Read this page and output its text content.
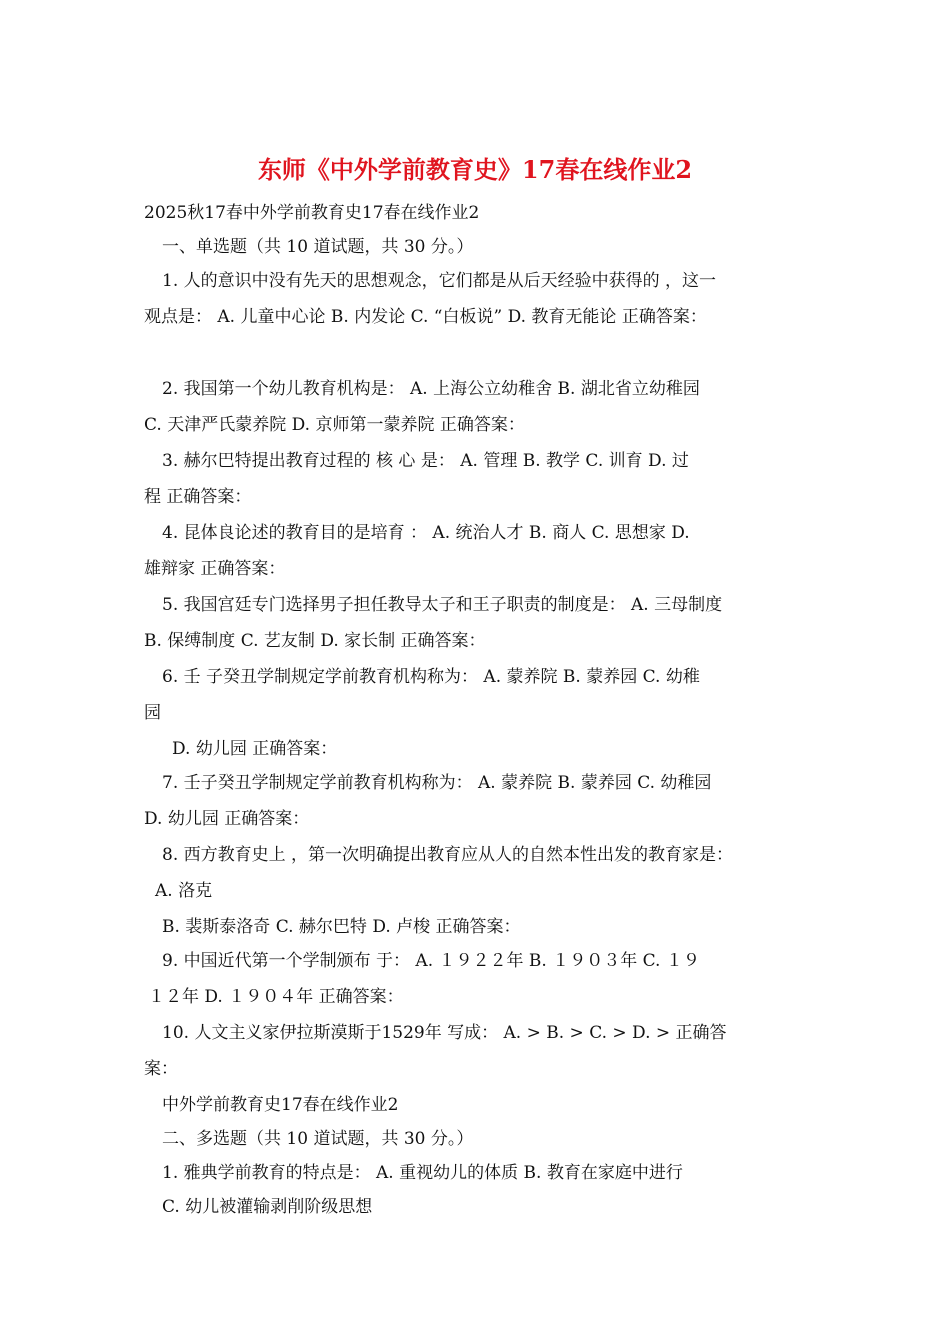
东师《中外学前教育史》17春在线作业2
2025秋17春中外学前教育史17春在线作业2
一、单选题（共 10 道试题，共 30 分。）
1. 人的意识中没有先天的思想观念，它们都是从后天经验中获得的 ，这一
观点是： A. 儿童中心论 B. 内发论 C. “白板说” D. 教育无能论 正确答案：
2. 我国第一个幼儿教育机构是： A. 上海公立幼稚舍 B. 湖北省立幼稚园
C. 天津严氏蒙养院 D. 京师第一蒙养院 正确答案：
3. 赫尔巴特提出教育过程的 核 心 是： A. 管理 B. 教学 C. 训育 D. 过
程 正确答案：
4. 昆体良论述的教育目的是培育 ： A. 统治人才 B. 商人 C. 思想家 D.
雄辩家 正确答案：
5. 我国宫廷专门选择男子担任教导太子和王子职责的制度是： A. 三母制度
B. 保缚制度 C. 艺友制 D. 家长制 正确答案：
6. 壬 子癸丑学制规定学前教育机构称为： A. 蒙养院 B. 蒙养园 C. 幼稚
园
D. 幼儿园 正确答案：
7. 壬子癸丑学制规定学前教育机构称为： A. 蒙养院 B. 蒙养园 C. 幼稚园
D. 幼儿园 正确答案：
8. 西方教育史上 ，第一次明确提出教育应从人的自然本性出发的教育家是：
A. 洛克
B. 裴斯泰洛奇 C. 赫尔巴特 D. 卢梭 正确答案：
9. 中国近代第一个学制颁布 于： A. １９２２年 B. １９０３年 C. １９
１２年 D. １９０４年 正确答案：
10. 人文主义家伊拉斯漠斯于1529年 写成： A. > B. > C. > D. > 正确答
案：
中外学前教育史17春在线作业2
二、多选题（共 10 道试题，共 30 分。）
1. 雅典学前教育的特点是： A. 重视幼儿的体质 B. 教育在家庭中进行
C. 幼儿被灌输剥削阶级思想
